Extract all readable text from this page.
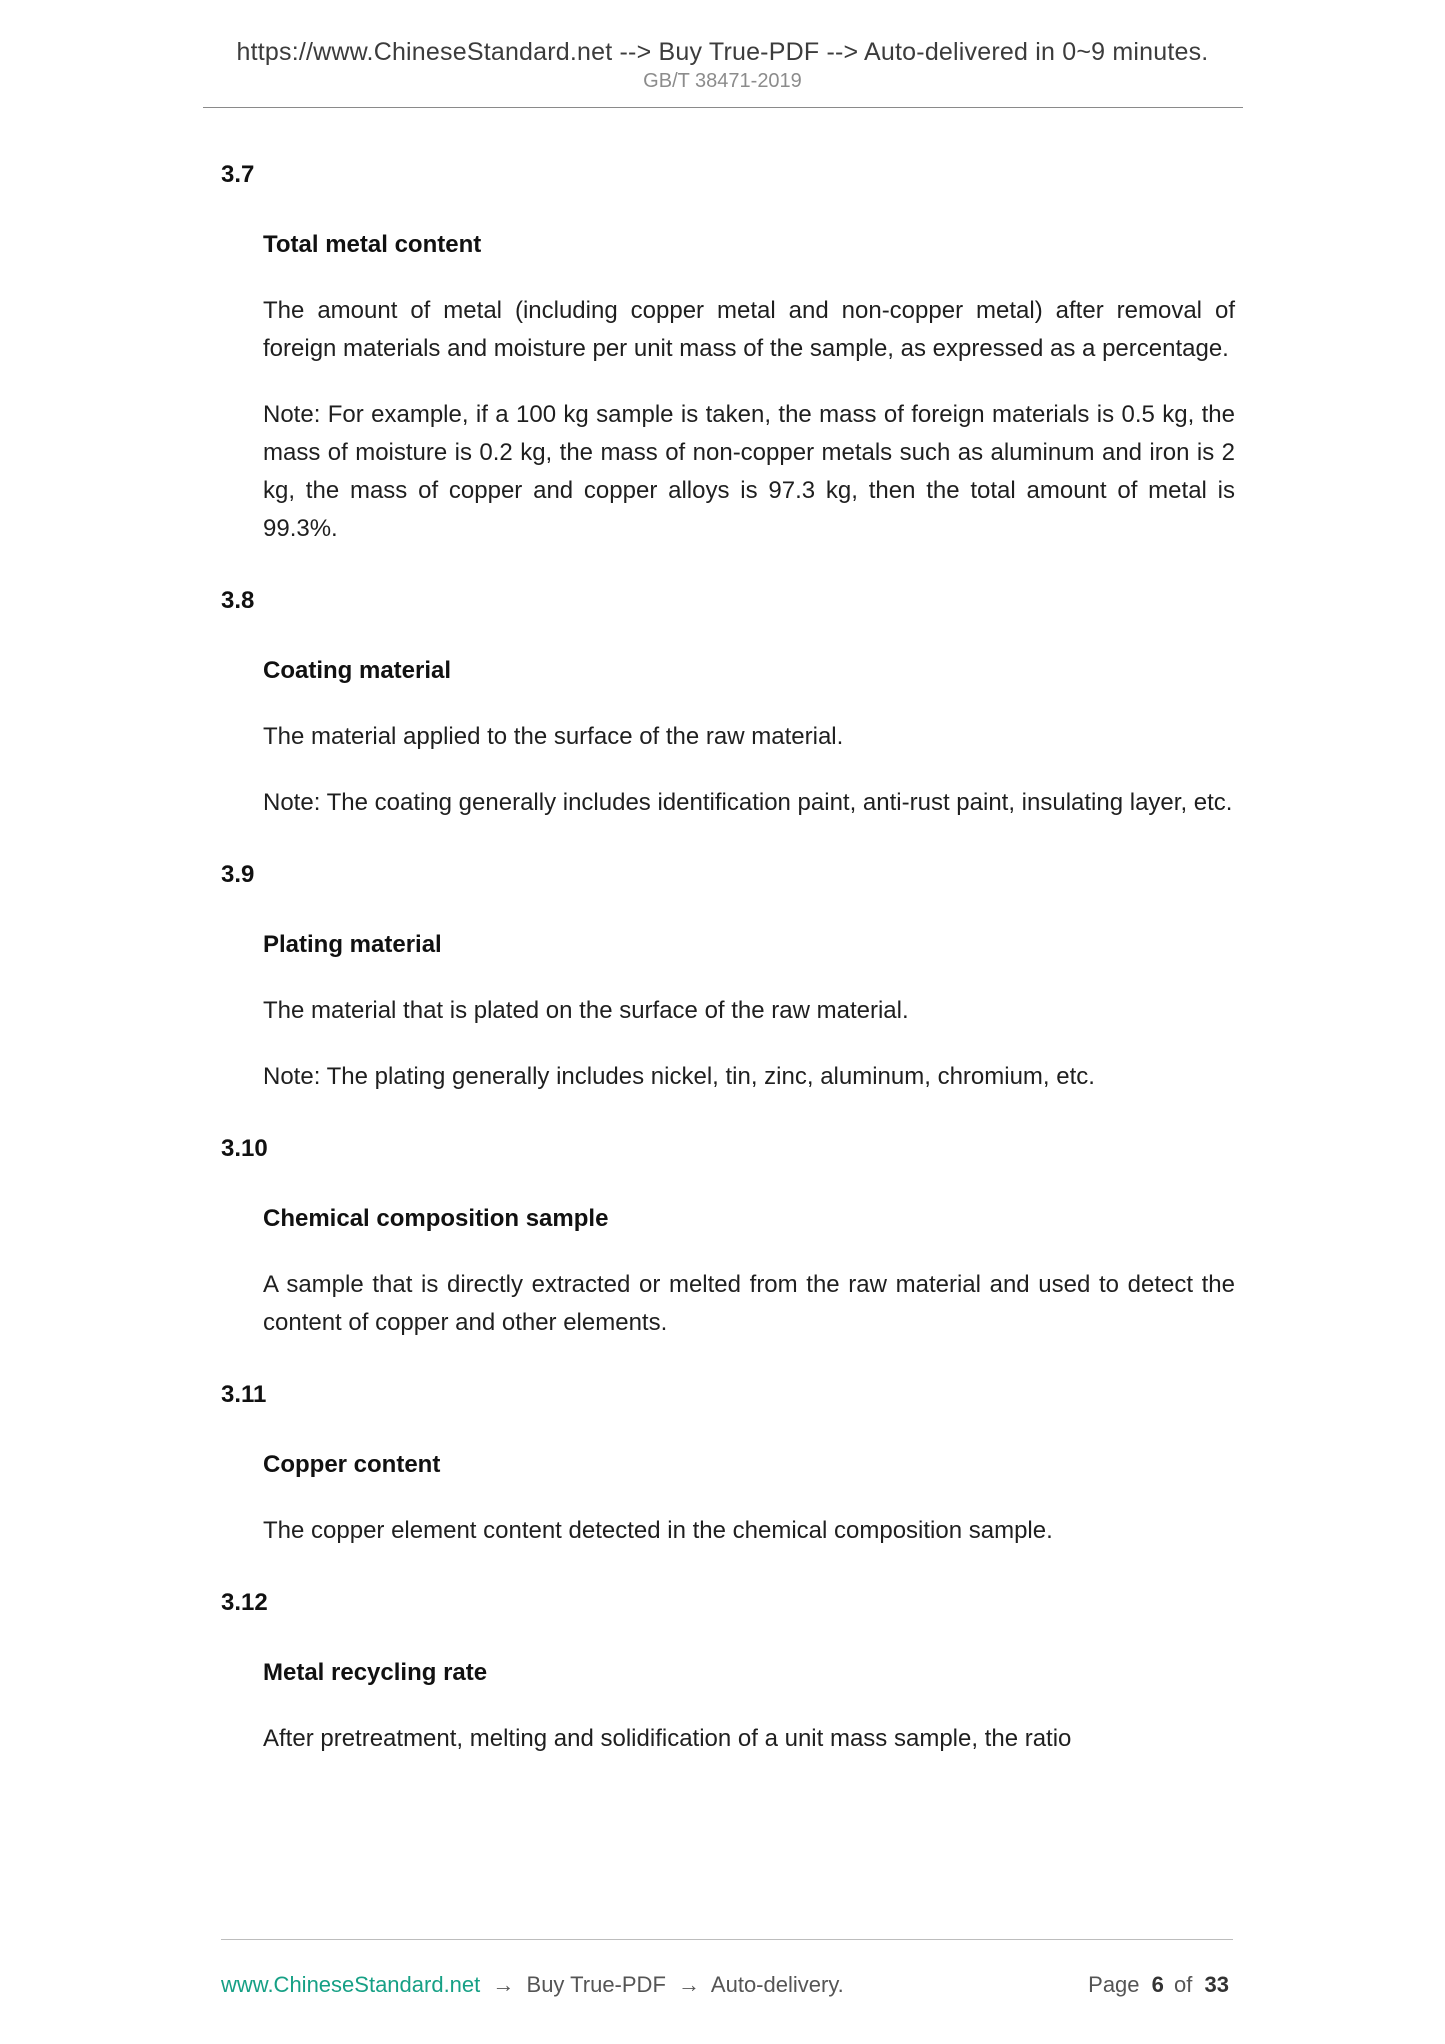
https://www.ChineseStandard.net --> Buy True-PDF --> Auto-delivered in 0~9 minutes.
GB/T 38471-2019
3.7
Total metal content

The amount of metal (including copper metal and non-copper metal) after removal of foreign materials and moisture per unit mass of the sample, as expressed as a percentage.

Note: For example, if a 100 kg sample is taken, the mass of foreign materials is 0.5 kg, the mass of moisture is 0.2 kg, the mass of non-copper metals such as aluminum and iron is 2 kg, the mass of copper and copper alloys is 97.3 kg, then the total amount of metal is 99.3%.

3.8
Coating material

The material applied to the surface of the raw material.

Note: The coating generally includes identification paint, anti-rust paint, insulating layer, etc.

3.9
Plating material

The material that is plated on the surface of the raw material.

Note: The plating generally includes nickel, tin, zinc, aluminum, chromium, etc.

3.10
Chemical composition sample

A sample that is directly extracted or melted from the raw material and used to detect the content of copper and other elements.

3.11
Copper content

The copper element content detected in the chemical composition sample.

3.12
Metal recycling rate

After pretreatment, melting and solidification of a unit mass sample, the ratio

www.ChineseStandard.net → Buy True-PDF → Auto-delivery.	Page 6 of 33
